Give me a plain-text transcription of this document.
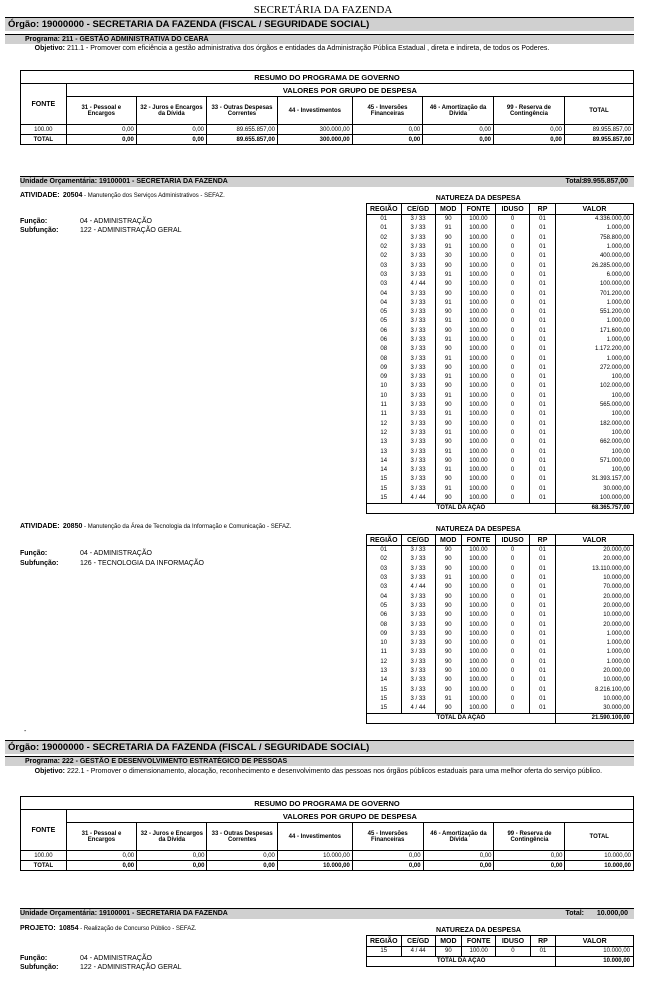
SECRETÁRIA DA FAZENDA
Órgão: 19000000 - SECRETARIA DA FAZENDA (FISCAL / SEGURIDADE SOCIAL)
Programa: 211 - GESTÃO ADMINISTRATIVA DO CEARÁ
Objetivo: 211.1 - Promover com eficiência a gestão administrativa dos órgãos e entidades da Administração Pública Estadual , direta e indireta, de todos os Poderes.
RESUMO DO PROGRAMA DE GOVERNO								
FONTE	VALORES POR GRUPO DE DESPESA							
	31 - Pessoal e Encargos	32 - Juros e Encargos da Dívida	33 - Outras Despesas Correntes	44 - Investimentos	45 - Inversões Financeiras	46 - Amortização da Dívida	99 - Reserva de Contingência	TOTAL
100.00	0,00	0,00	89.655.857,00	300.000,00	0,00	0,00	0,00	89.955.857,00
TOTAL	0,00	0,00	89.655.857,00	300.000,00	0,00	0,00	0,00	89.955.857,00
Unidade Orçamentária: 19100001 - SECRETARIA DA FAZENDA	Total: 89.955.857,00
ATIVIDADE: 20504 - Manutenção dos Serviços Administrativos - SEFAZ.
Função:	04 - ADMINISTRAÇÃO
Subfunção:	122 - ADMINISTRAÇÃO GERAL
	NATUREZA DA DESPESA					
REGIÃO	CE/GD	MOD	FONTE	IDUSO	RP	VALOR
01	3 / 33	90	100.00	0	01	4.336.000,00
01	3 / 33	91	100.00	0	01	1.000,00
02	3 / 33	90	100.00	0	01	758.800,00
02	3 / 33	91	100.00	0	01	1.000,00
02	3 / 33	30	100.00	0	01	400.000,00
03	3 / 33	90	100.00	0	01	26.285.000,00
03	3 / 33	91	100.00	0	01	6.000,00
03	4 / 44	90	100.00	0	01	100.000,00
04	3 / 33	90	100.00	0	01	701.200,00
04	3 / 33	91	100.00	0	01	1.000,00
05	3 / 33	90	100.00	0	01	551.200,00
05	3 / 33	91	100.00	0	01	1.000,00
06	3 / 33	90	100.00	0	01	171.600,00
06	3 / 33	91	100.00	0	01	1.000,00
08	3 / 33	90	100.00	0	01	1.172.200,00
08	3 / 33	91	100.00	0	01	1.000,00
09	3 / 33	90	100.00	0	01	272.000,00
09	3 / 33	91	100.00	0	01	100,00
10	3 / 33	90	100.00	0	01	102.000,00
10	3 / 33	91	100.00	0	01	100,00
11	3 / 33	90	100.00	0	01	565.000,00
11	3 / 33	91	100.00	0	01	100,00
12	3 / 33	90	100.00	0	01	182.000,00
12	3 / 33	91	100.00	0	01	100,00
13	3 / 33	90	100.00	0	01	662.000,00
13	3 / 33	91	100.00	0	01	100,00
14	3 / 33	90	100.00	0	01	571.000,00
14	3 / 33	91	100.00	0	01	100,00
15	3 / 33	90	100.00	0	01	31.393.157,00
15	3 / 33	91	100.00	0	01	30.000,00
15	4 / 44	90	100.00	0	01	100.000,00
TOTAL DA AÇÃO						68.365.757,00
ATIVIDADE: 20850 - Manutenção da Área de Tecnologia da Informação e Comunicação - SEFAZ.
Função:	04 - ADMINISTRAÇÃO
Subfunção:	126 - TECNOLOGIA DA INFORMAÇÃO
	NATUREZA DA DESPESA					
REGIÃO	CE/GD	MOD	FONTE	IDUSO	RP	VALOR
01	3 / 33	90	100.00	0	01	20.000,00
02	3 / 33	90	100.00	0	01	20.000,00
03	3 / 33	90	100.00	0	01	13.110.000,00
03	3 / 33	91	100.00	0	01	10.000,00
03	4 / 44	90	100.00	0	01	70.000,00
04	3 / 33	90	100.00	0	01	20.000,00
05	3 / 33	90	100.00	0	01	20.000,00
06	3 / 33	90	100.00	0	01	10.000,00
08	3 / 33	90	100.00	0	01	20.000,00
09	3 / 33	90	100.00	0	01	1.000,00
10	3 / 33	90	100.00	0	01	1.000,00
11	3 / 33	90	100.00	0	01	1.000,00
12	3 / 33	90	100.00	0	01	1.000,00
13	3 / 33	90	100.00	0	01	20.000,00
14	3 / 33	90	100.00	0	01	10.000,00
15	3 / 33	90	100.00	0	01	8.216.100,00
15	3 / 33	91	100.00	0	01	10.000,00
15	4 / 44	90	100.00	0	01	30.000,00
TOTAL DA AÇÃO						21.590.100,00
-
Órgão: 19000000 - SECRETARIA DA FAZENDA (FISCAL / SEGURIDADE SOCIAL)
Programa: 222 - GESTÃO E DESENVOLVIMENTO ESTRATÉGICO DE PESSOAS
Objetivo: 222.1 - Promover o dimensionamento, alocação, reconhecimento e desenvolvimento das pessoas nos órgãos públicos estaduais para uma melhor oferta do serviço público.
RESUMO DO PROGRAMA DE GOVERNO								
FONTE	VALORES POR GRUPO DE DESPESA							
	31 - Pessoal e Encargos	32 - Juros e Encargos da Dívida	33 - Outras Despesas Correntes	44 - Investimentos	45 - Inversões Financeiras	46 - Amortização da Dívida	99 - Reserva de Contingência	TOTAL
100.00	0,00	0,00	0,00	10.000,00	0,00	0,00	0,00	10.000,00
TOTAL	0,00	0,00	0,00	10.000,00	0,00	0,00	0,00	10.000,00
Unidade Orçamentária: 19100001 - SECRETARIA DA FAZENDA	Total: 10.000,00
PROJETO: 10854 - Realização de Concurso Público - SEFAZ.
Função:	04 - ADMINISTRAÇÃO
Subfunção:	122 - ADMINISTRAÇÃO GERAL
	NATUREZA DA DESPESA					
REGIÃO	CE/GD	MOD	FONTE	IDUSO	RP	VALOR
15	4 / 44	90	100.00	0	01	10.000,00
TOTAL DA AÇÃO						10.000,00
